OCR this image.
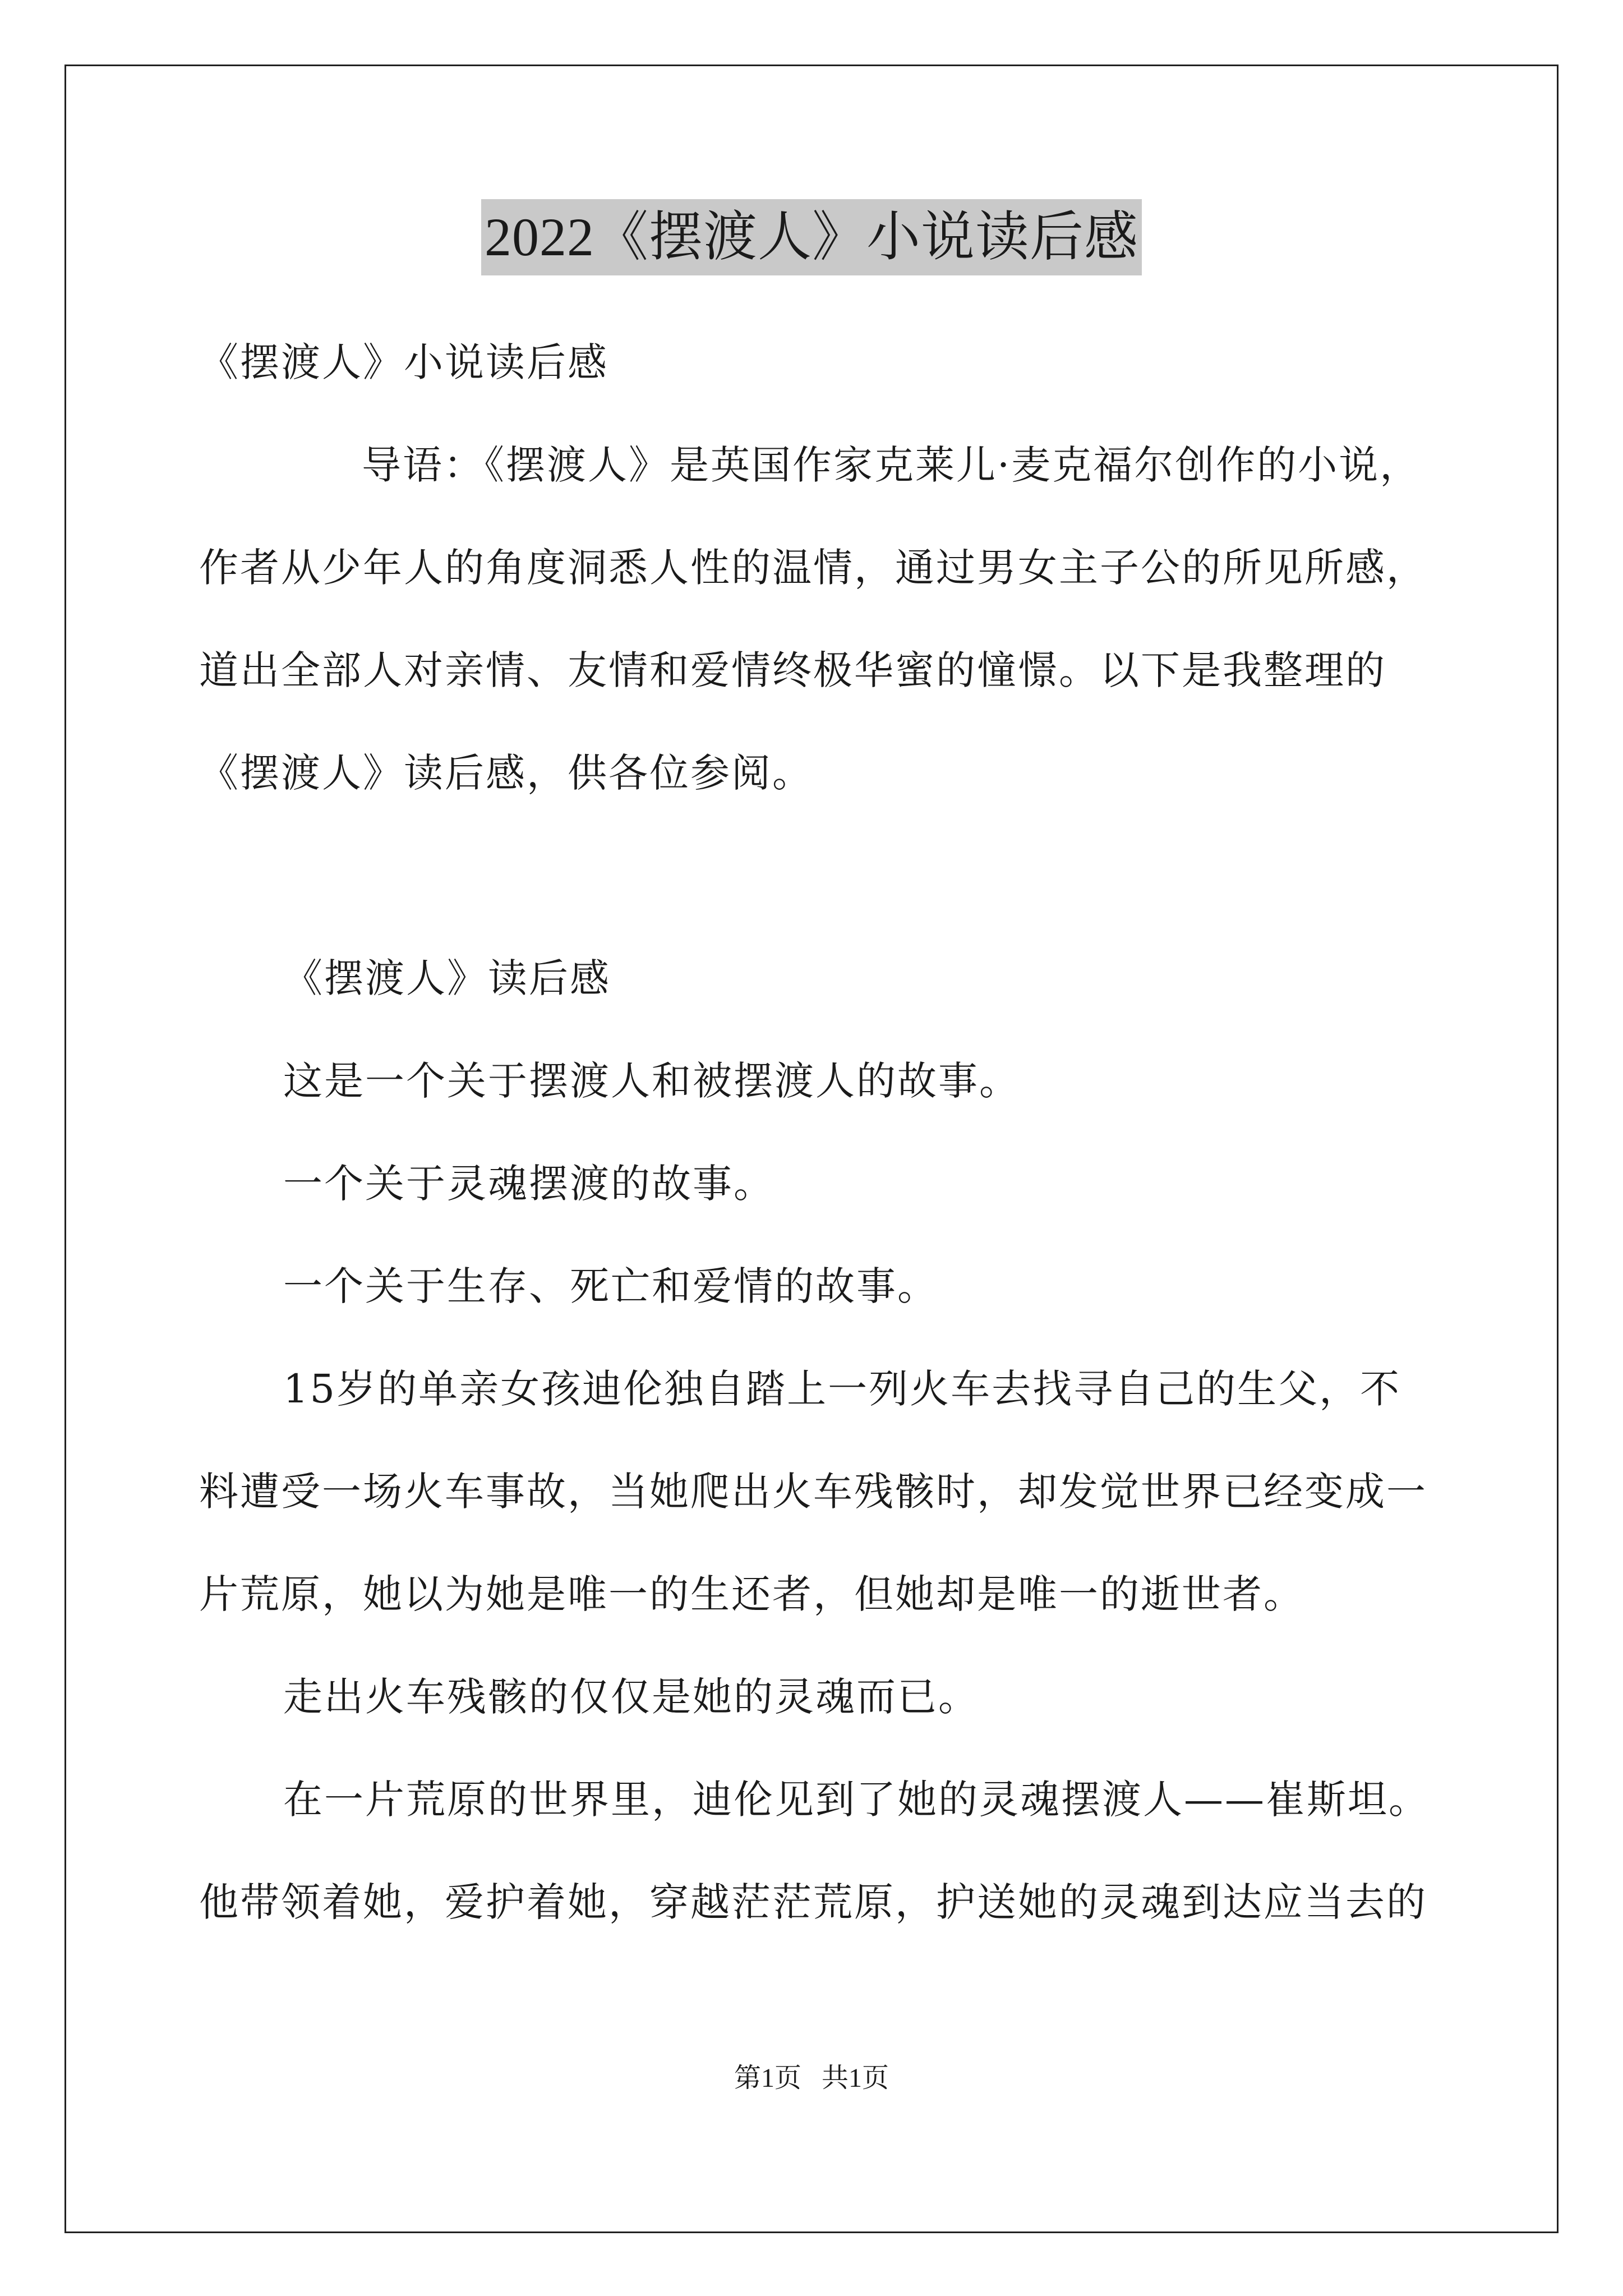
2022《摆渡人》小说读后感

《摆渡人》小说读后感

导语：《摆渡人》是英国作家克莱儿·麦克福尔创作的小说，作者从少年人的角度洞悉人性的温情，通过男女主子公的所见所感，道出全部人对亲情、友情和爱情终极华蜜的憧憬。以下是我整理的《摆渡人》读后感，供各位参阅。

《摆渡人》读后感

这是一个关于摆渡人和被摆渡人的故事。

一个关于灵魂摆渡的故事。

一个关于生存、死亡和爱情的故事。

15岁的单亲女孩迪伦独自踏上一列火车去找寻自己的生父，不料遭受一场火车事故，当她爬出火车残骸时，却发觉世界已经变成一片荒原，她以为她是唯一的生还者，但她却是唯一的逝世者。

走出火车残骸的仅仅是她的灵魂而已。

在一片荒原的世界里，迪伦见到了她的灵魂摆渡人——崔斯坦。他带领着她，爱护着她，穿越茫茫荒原，护送她的灵魂到达应当去的

第1页   共1页
